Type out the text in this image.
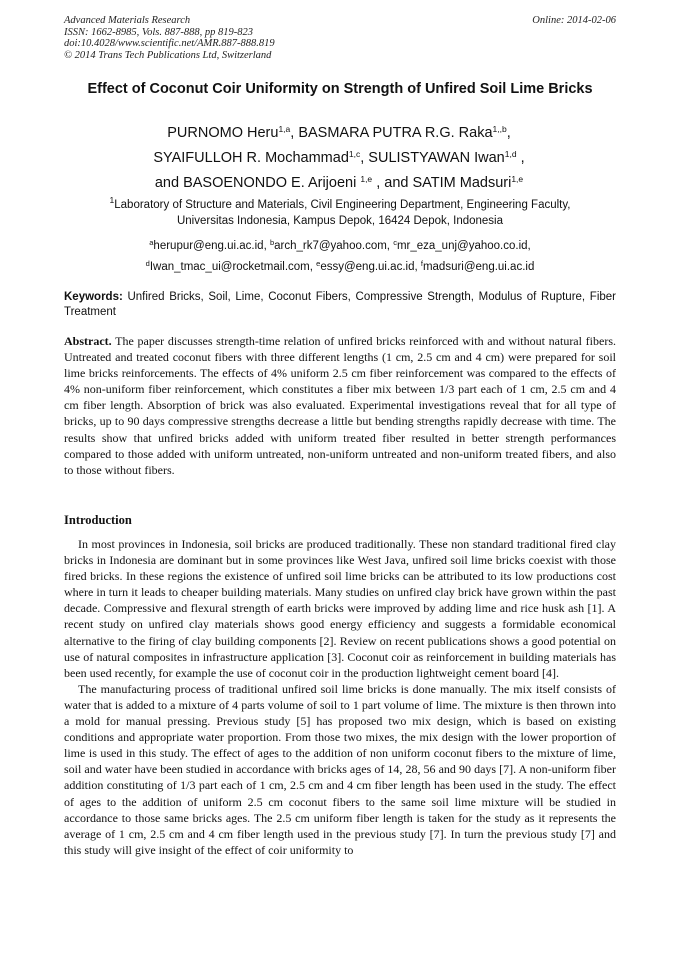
Advanced Materials Research
ISSN: 1662-8985, Vols. 887-888, pp 819-823
doi:10.4028/www.scientific.net/AMR.887-888.819
© 2014 Trans Tech Publications Ltd, Switzerland
Online: 2014-02-06
Effect of Coconut Coir Uniformity on Strength of Unfired Soil Lime Bricks
PURNOMO Heru$^{1,a}$, BASMARA PUTRA R.G. Raka$^{1,,b}$,
SYAIFULLOH R. Mochammad$^{1,c}$, SULISTYAWAN Iwan$^{1,d}$ ,
and BASOENONDO E. Arijoeni $^{1,e}$ , and SATIM Madsuri$^{1,e}$
$^1$Laboratory of Structure and Materials, Civil Engineering Department, Engineering Faculty,
Universitas Indonesia, Kampus Depok, 16424 Depok, Indonesia
$^a$herupur@eng.ui.ac.id, $^b$arch_rk7@yahoo.com, $^c$mr_eza_unj@yahoo.co.id,
$^d$Iwan_tmac_ui@rocketmail.com, $^e$essy@eng.ui.ac.id, $^f$madsuri@eng.ui.ac.id
Keywords: Unfired Bricks, Soil, Lime, Coconut Fibers, Compressive Strength, Modulus of Rupture, Fiber Treatment
Abstract. The paper discusses strength-time relation of unfired bricks reinforced with and without natural fibers. Untreated and treated coconut fibers with three different lengths (1 cm, 2.5 cm and 4 cm) were prepared for soil lime bricks reinforcements. The effects of 4% uniform 2.5 cm fiber reinforcement was compared to the effects of 4% non-uniform fiber reinforcement, which constitutes a fiber mix between 1/3 part each of 1 cm, 2.5 cm and 4 cm fiber length. Absorption of brick was also evaluated. Experimental investigations reveal that for all type of bricks, up to 90 days compressive strengths decrease a little but bending strengths rapidly decrease with time. The results show that unfired bricks added with uniform treated fiber resulted in better strength performances compared to those added with uniform untreated, non-uniform untreated and non-uniform treated fibers, and also to those without fibers.
Introduction

In most provinces in Indonesia, soil bricks are produced traditionally. These non standard traditional fired clay bricks in Indonesia are dominant but in some provinces like West Java, unfired soil lime bricks coexist with those fired bricks. In these regions the existence of unfired soil lime bricks can be attributed to its low productions cost where in turn it leads to cheaper building materials. Many studies on unfired clay brick have grown within the past decade. Compressive and flexural strength of earth bricks were improved by adding lime and rice husk ash [1]. A recent study on unfired clay materials shows good energy efficiency and suggests a formidable economical alternative to the firing of clay building components [2]. Review on recent publications shows a good potential on use of natural composites in infrastructure application [3]. Coconut coir as reinforcement in building materials has been used recently, for example the use of coconut coir in the production lightweight cement board [4].

The manufacturing process of traditional unfired soil lime bricks is done manually. The mix itself consists of water that is added to a mixture of 4 parts volume of soil to 1 part volume of lime. The mixture is then thrown into a mold for manual pressing. Previous study [5] has proposed two mix design, which is based on existing conditions and appropriate water proportion. From those two mixes, the mix design with the lower proportion of lime is used in this study. The effect of ages to the addition of non uniform coconut fibers to the mixture of lime, soil and water have been studied in accordance with bricks ages of 14, 28, 56 and 90 days [7]. A non-uniform fiber addition constituting of 1/3 part each of 1 cm, 2.5 cm and 4 cm fiber length has been used in the study. The effect of ages to the addition of uniform 2.5 cm coconut fibers to the same soil lime mixture will be studied in accordance to those same bricks ages. The 2.5 cm uniform fiber length is taken for the study as it represents the average of 1 cm, 2.5 cm and 4 cm fiber length used in the previous study [7]. In turn the previous study [7] and this study will give insight of the effect of coir uniformity to
